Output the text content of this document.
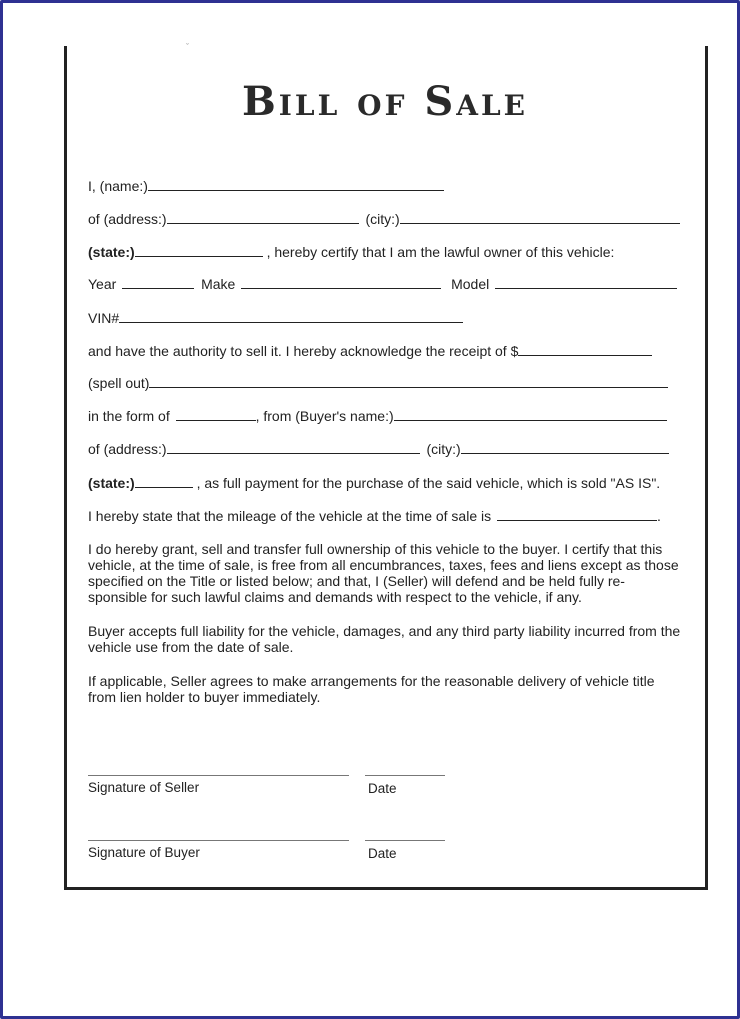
ˇ
Bill of Sale
I, (name:)
of (address:)	(city:)
(state:)	, hereby certify that I am the lawful owner of this vehicle:
Year	Make	Model
VIN#
and have the authority to sell it. I hereby acknowledge the receipt of $
(spell out)
in the form of	, from (Buyer's name:)
of (address:)	(city:)
(state:)	, as full payment for the purchase of the said vehicle, which is sold "AS IS".
I hereby state that the mileage of the vehicle at the time of sale is	.
I do hereby grant, sell and transfer full ownership of this vehicle to the buyer. I certify that this vehicle, at the time of sale, is free from all encumbrances, taxes, fees and liens except as those specified on the Title or listed below; and that, I (Seller) will defend and be held fully re-sponsible for such lawful claims and demands with respect to the vehicle, if any.
Buyer accepts full liability for the vehicle, damages, and any third party liability incurred from the vehicle use from the date of sale.
If applicable, Seller agrees to make arrangements for the reasonable delivery of vehicle title from lien holder to buyer immediately.
Signature of Seller	Date
Signature of Buyer	Date
